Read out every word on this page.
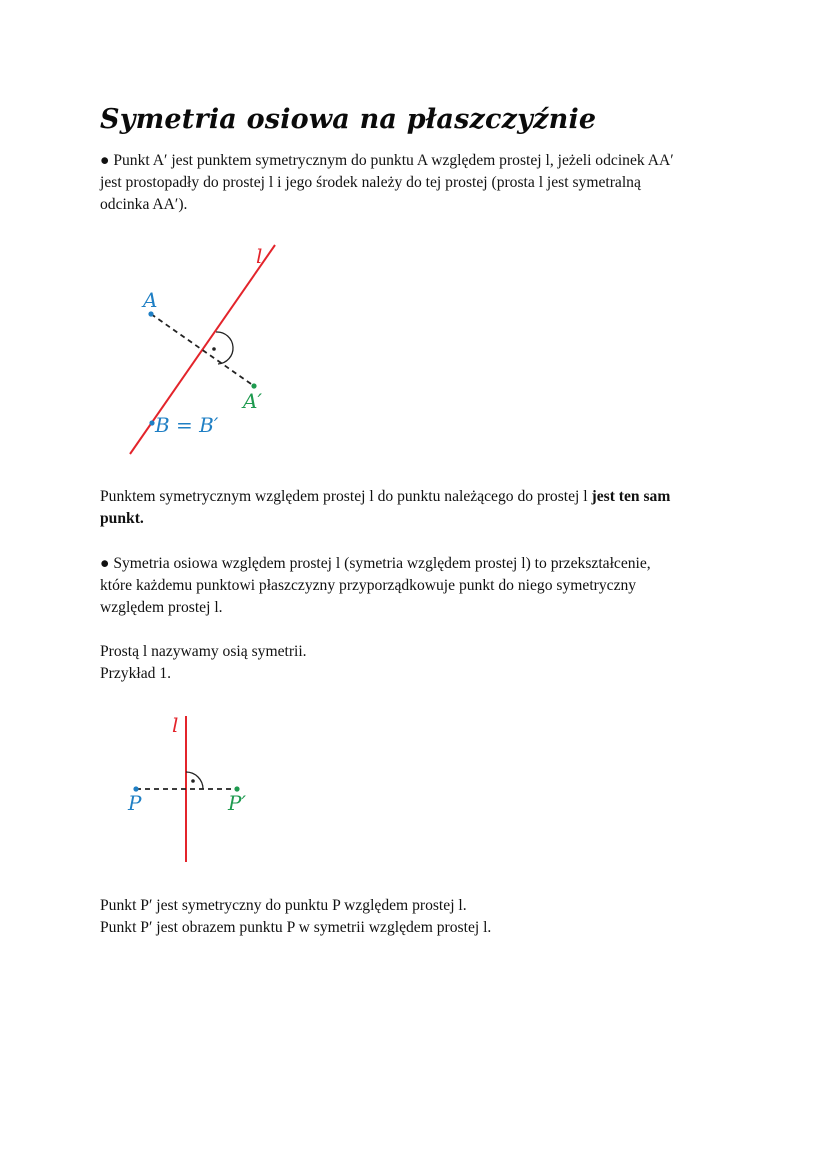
Symetria osiowa na płaszczyźnie
● Punkt A′ jest punktem symetrycznym do punktu A względem prostej l, jeżeli odcinek AA′
jest prostopadły do prostej l i jego środek należy do tej prostej (prosta l jest symetralną
odcinka AA′).
l
A
A′
B = B′
Punktem symetrycznym względem prostej l do punktu należącego do prostej l jest ten sam
punkt.
● Symetria osiowa względem prostej l (symetria względem prostej l) to przekształcenie,
które każdemu punktowi płaszczyzny przyporządkowuje punkt do niego symetryczny
względem prostej l.
Prostą l nazywamy osią symetrii.
Przykład 1.
l
P	P′
Punkt P′ jest symetryczny do punktu P względem prostej l.
Punkt P′ jest obrazem punktu P w symetrii względem prostej l.
